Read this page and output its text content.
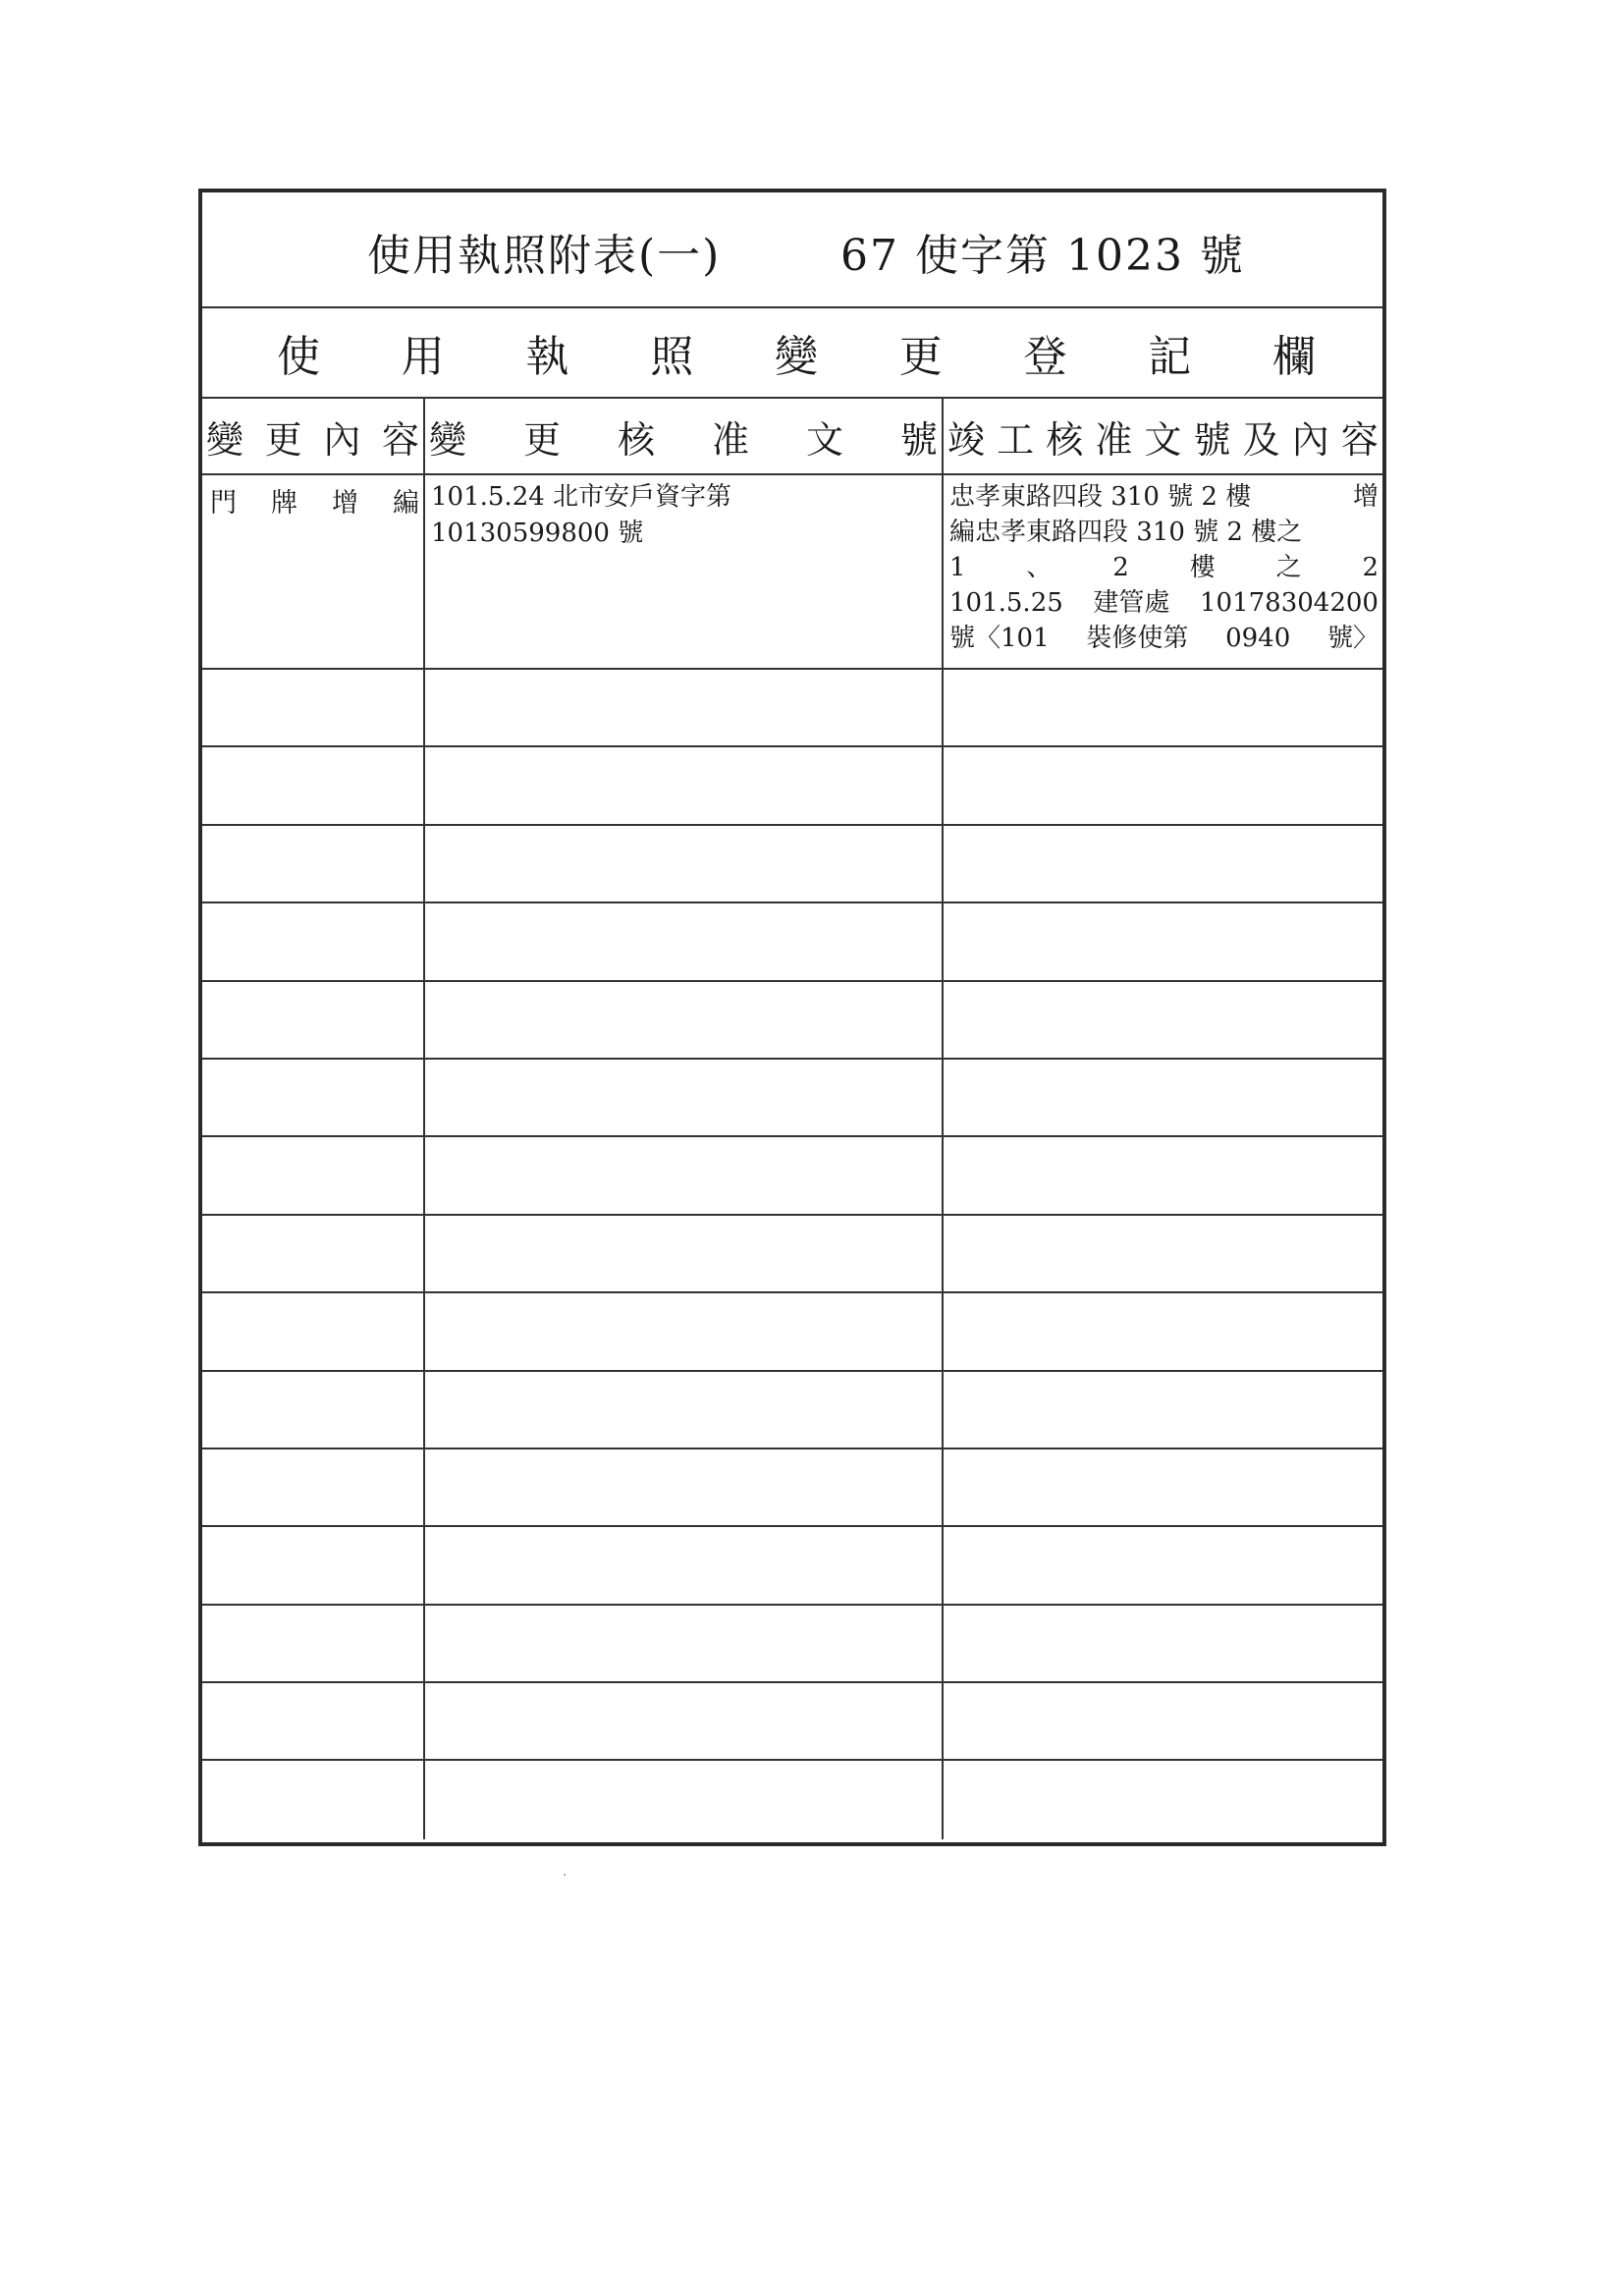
使用執照附表(一)	67 使字第 1023 號
使 用 執 照 變 更 登 記 欄
變 更 內 容 變 更 核 准 文 號 竣 工 核 准 文 號 及 內 容
門 牌 增 編 101.5.24 北市安戶資字第
10130599800 號
忠孝東路四段 310 號 2 樓	增
編忠孝東路四段 310 號 2 樓之
1 、 2 樓 之 2
101.5.25 建管處 10178304200
號〈101 裝修使第 0940 號〉
·
